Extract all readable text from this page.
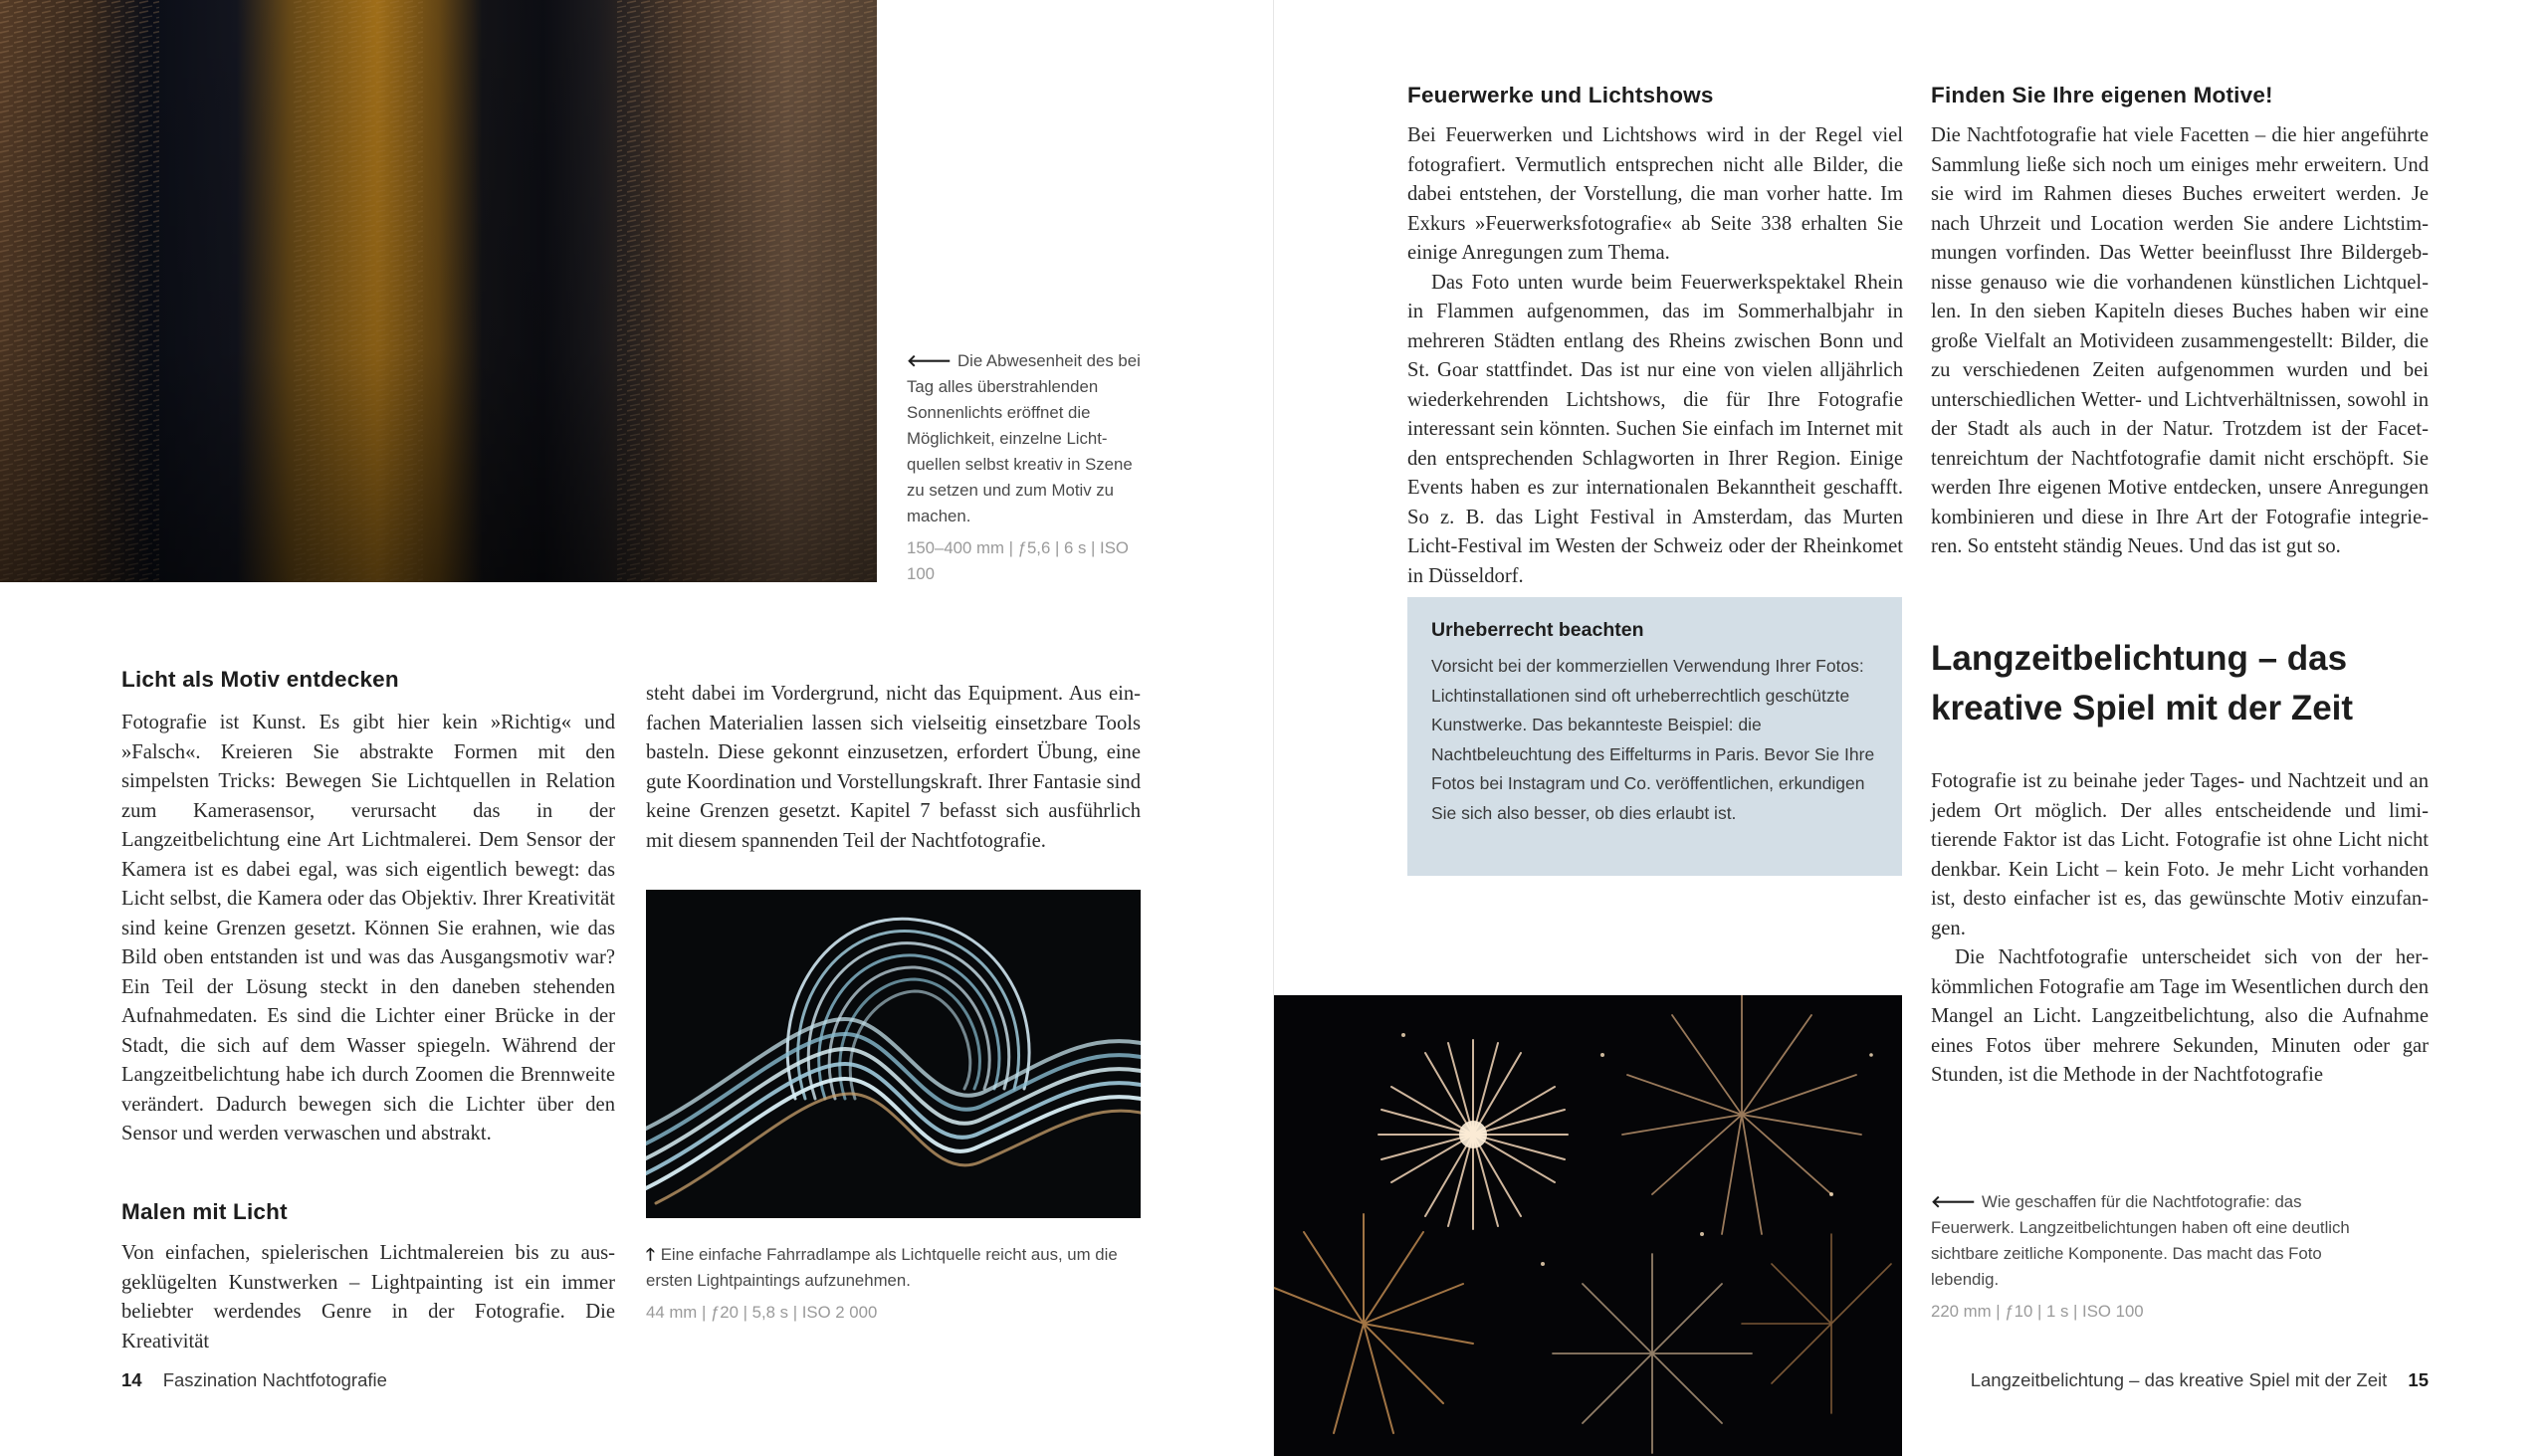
🡐 Die Abwesenheit des bei Tag alles überstrahlenden Sonnenlichts eröffnet die Möglichkeit, einzelne Lichtquellen selbst kreativ in Szene zu setzen und zum Motiv zu machen.
150–400 mm | ƒ5,6 | 6 s | ISO 100
Licht als Motiv entdecken

Fotografie ist Kunst. Es gibt hier kein »Richtig« und »Falsch«. Kreieren Sie abstrakte Formen mit den simpelsten Tricks: Bewegen Sie Lichtquellen in Relation zum Kamerasensor, verursacht das in der Langzeitbelichtung eine Art Lichtmalerei. Dem Sensor der Kamera ist es dabei egal, was sich eigentlich bewegt: das Licht selbst, die Kamera oder das Objektiv. Ihrer Kreativität sind keine Grenzen gesetzt. Können Sie erahnen, wie das Bild oben entstanden ist und was das Ausgangsmotiv war? Ein Teil der Lösung steckt in den daneben stehenden Aufnahmedaten. Es sind die Lichter einer Brücke in der Stadt, die sich auf dem Wasser spiegeln. Während der Langzeitbelichtung habe ich durch Zoomen die Brennweite verändert. Dadurch bewegen sich die Lichter über den Sensor und werden verwaschen und abstrakt.

Malen mit Licht

Von einfachen, spielerischen Lichtmalereien bis zu ausgeklügelten Kunstwerken – Lightpainting ist ein immer beliebter werdendes Genre in der Fotografie. Die Kreativität

steht dabei im Vordergrund, nicht das Equipment. Aus einfachen Materialien lassen sich vielseitig einsetzbare Tools basteln. Diese gekonnt einzusetzen, erfordert Übung, eine gute Koordination und Vorstellungskraft. Ihrer Fantasie sind keine Grenzen gesetzt. Kapitel 7 befasst sich ausführlich mit diesem spannenden Teil der Nachtfotografie.

🡑 Eine einfache Fahrradlampe als Lichtquelle reicht aus, um die ersten Lightpaintings aufzunehmen.
44 mm | ƒ20 | 5,8 s | ISO 2 000
14 Faszination Nachtfotografie
Feuerwerke und Lichtshows

Bei Feuerwerken und Lichtshows wird in der Regel viel fotografiert. Vermutlich entsprechen nicht alle Bilder, die dabei entstehen, der Vorstellung, die man vorher hatte. Im Exkurs »Feuerwerksfotografie« ab Seite 338 erhalten Sie einige Anregungen zum Thema.

Das Foto unten wurde beim Feuerwerkspektakel Rhein in Flammen aufgenommen, das im Sommerhalbjahr in mehreren Städten entlang des Rheins zwischen Bonn und St. Goar stattfindet. Das ist nur eine von vielen alljährlich wiederkehrenden Lichtshows, die für Ihre Fotografie interessant sein könnten. Suchen Sie einfach im Internet mit den entsprechenden Schlagworten in Ihrer Region. Einige Events haben es zur internationalen Bekanntheit geschafft. So z. B. das Light Festival in Amsterdam, das Murten Licht-Festival im Westen der Schweiz oder der Rheinkomet in Düsseldorf.

Urheberrecht beachten
Vorsicht bei der kommerziellen Verwendung Ihrer Fotos: Lichtinstallationen sind oft urheberrechtlich geschützte Kunstwerke. Das bekannteste Beispiel: die Nachtbeleuchtung des Eiffelturms in Paris. Bevor Sie Ihre Fotos bei Instagram und Co. veröffentlichen, erkundigen Sie sich also besser, ob dies erlaubt ist.
Finden Sie Ihre eigenen Motive!

Die Nachtfotografie hat viele Facetten – die hier angeführte Sammlung ließe sich noch um einiges mehr erweitern. Und sie wird im Rahmen dieses Buches erweitert werden. Je nach Uhrzeit und Location werden Sie andere Lichtstimmungen vorfinden. Das Wetter beeinflusst Ihre Bildergebnisse genauso wie die vorhandenen künstlichen Lichtquellen. In den sieben Kapiteln dieses Buches haben wir eine große Vielfalt an Motivideen zusammengestellt: Bilder, die zu verschiedenen Zeiten aufgenommen wurden und bei unterschiedlichen Wetter- und Lichtverhältnissen, sowohl in der Stadt als auch in der Natur. Trotzdem ist der Facettenreichtum der Nachtfotografie damit nicht erschöpft. Sie werden Ihre eigenen Motive entdecken, unsere Anregungen kombinieren und diese in Ihre Art der Fotografie integrieren. So entsteht ständig Neues. Und das ist gut so.

Langzeitbelichtung – das kreative Spiel mit der Zeit

Fotografie ist zu beinahe jeder Tages- und Nachtzeit und an jedem Ort möglich. Der alles entscheidende und limitierende Faktor ist das Licht. Fotografie ist ohne Licht nicht denkbar. Kein Licht – kein Foto. Je mehr Licht vorhanden ist, desto einfacher ist es, das gewünschte Motiv einzufangen.

Die Nachtfotografie unterscheidet sich von der herkömmlichen Fotografie am Tage im Wesentlichen durch den Mangel an Licht. Langzeitbelichtung, also die Aufnahme eines Fotos über mehrere Sekunden, Minuten oder gar Stunden, ist die Methode in der Nachtfotografie

🡐 Wie geschaffen für die Nachtfotografie: das Feuerwerk. Langzeitbelichtungen haben oft eine deutlich sichtbare zeitliche Komponente. Das macht das Foto lebendig.
220 mm | ƒ10 | 1 s | ISO 100
Langzeitbelichtung – das kreative Spiel mit der Zeit 15
